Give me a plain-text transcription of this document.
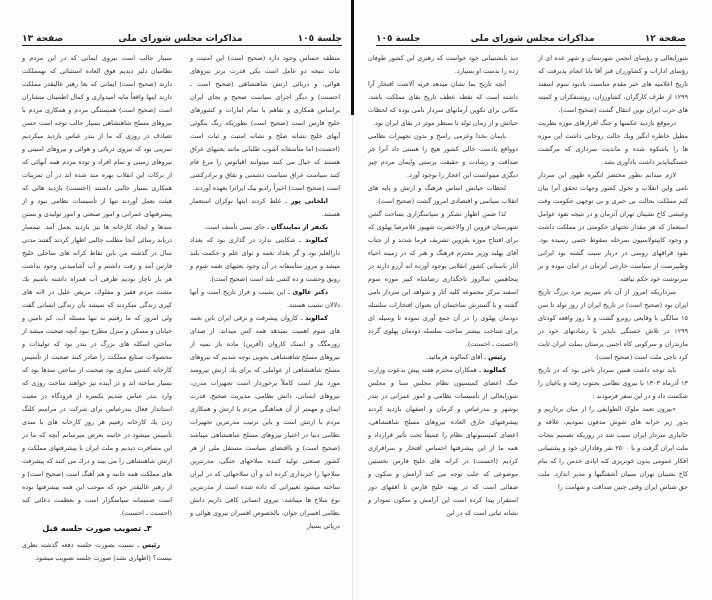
جلسة ١٠٥
مذاکرات مجلس شورای ملی
صفحة ١٣

منطقه حساس وجود دارد (صحیح است) این امنیت و ثبات نتیجه دو عامل است یکی قدرت برتر نیروهای هوائی، و دریائی ارتش شاهنشاهی (صحیح است ـ احسنت) و دیگر اجرای سیاست صحیح و بجای ایران براساس همکاری و تفاهم با تمام امارات و کشورهای خلیج فارس است (صحیح است) بطوریکه رنگ بنگوئی آبهای خلیج نشانه صلح و نشانه امنیت و ثبات است (احسنت) اما متأسفانه آشوب طلبانی مانند بعثیهای عراق هستند که خیال می کنند میتوانند اقیانوس را مرغ فام کنند سیاست عراق سیاست دشمنی و نفاق و برادرکشی است (صحیح است) اخیراً رادیو بیک ایرانرا بعهده آوردند.

ایلخانی پور ـ غلط کردند اینها نوکران استعمار هستند.

یکنفر از نمایندگان ـ جای بسی تأسف است.

کمالوند ـ شکایتی ندارد در گذاری بود که بغداد دارالعلم بود و گر بغداد نغمه و نوای علم و حکمت بلند میشد و مروز متأسفانه در آن وجود بعثیهای نغمه شوم و رونق وحشت و ده کشی بلند است (صحیح است).

دکتر عالوی ـ این نشیب و فراز تاریخ است و آنها دلالان نشیب هستند.

کمالوند ـ کاروان پیشرفت و ترقی ایران باین نغمه های شوم اهمیت نمیدهد همه کس میداند، از صدای زورمگگ و انمنک کاروان (آفرین) ماده باز نمیه از نیروهای مسلح شاهنشاهی بحوبی توجه شدیم که نیروهای مسلح شاهنشاهی از عواملی که برای یك ارتش نیرومند مورد نیاز است کاملاً برخوردار است تجهیزات مدرن، نیروهای انسانی، دانش نظامی، مدیریت صحیح، قدرت ایمان و مهمتر از آن هماهنگی مردم با ارتش و همکاری مردم با ارتش است و باین ترتیب مدرنترین تجهیزات نظامی دنیا در اختیار نیروهای مسلح شاهنشاهی میباشد (صحیح است) و بااقتضای سیاست مستقل ملی از هر کشور صنعتی تولید کننده سلاحهای جنگی، مدرنترین سلاحها را خریداری کرده اند و آن سلاحهائی که در ایران ساخته میشود تغییراتی که داده شده است از مدرنترین نوع سلاح ها میباشد، نیروی انسانی کافی داریم دانش نظامی افسران جوان، بالخصوص افسران نیروی هوائی و دریائی بسیار

سیبار جالب است نیروی ایمانی که در این مردم و نظامیان دلیر دیدیم فوق العاده استثنائی که بهمملکت دارند (صحیح است) ایمانی که بعا رهبر عالیقدر مملکت دارند اینها واقعاً مایه امیدواری و کمال اطمینان متشاران است (صحیح است) همبستگی مردم و همکاری مردم با نیروهای مسلح شاهنشاهی بسیار جالب توجه است حسن تصادف در روزی که ما از بندر عباس بازدید میکردیم تمرینی بود که نیروی دریائی و هوائی و نیروهای امنیتی و نیروهای زمینی و تمام افراد و توده مردم همه آنهائی که از برکات این انقلاب بهره مند شده اند در آن تمرینات همکاری بسیار جالبی داشتند (احسنت) بازدید هائی که هیئت بعمل آوردند تنها از تأسیسات نظامی نبود و از پیشرفتهای عمرانی و امور صنعتی و امور تولیدی و بستن سدها و ایجاد کارخانه ها نیز بازدید بعمل آمد. تیمسار دریابد رسائی آنجا مطلب جالبی اظهار کردند گفتند مدتی سال در گذشته من باین نقاط کرانه های ساحلی خلیج فارس آمد و رفت داشتم و آب آشامیدنی وجود نداشت هر بار ناچار بودیم ظرفی آب همراه داشته باشیم یك مشت مردم فقیر و مفلوك، مریض علیل در لانه های کپری زندگی میکردند که نمیشد بآن زندگی انسانی گفت ولی امروز که ما رفتیم نه تنها مسئله آب، کم تامین و خیابان و مسکن و منزل مطرح نبود آنچه صحبت میشد از ساختن اسکله های بزرگ در بندر بود که تولیدات و محصولات صنایع مملکت را صادر کنند صحبت از تأسیس کارخانه کشتی سازی بود صحبت از ساختن سدها بود که بسیار ساخته اند و در آینده نیز خواهند ساخت روزی که وارد بندر عباس شدیم یکسره از فرودگاه در معیت استاندار فعال بندرعباس برای شرکت در مراسم کلنگ زدن یك کارخانه رفتیم هر روز کارخانه های با سدی تأسیس میشود در خاتمه بعرض میرسانم آنچه که ما در این مسافرت دیدیم و ملت ایران با پیشرفتهای مملکت و ارتش شاهنشاهی را می بیند و درك می کنند که پیشرفت های مملکت همه جانبه و هم آهنگ است (صحیح است) و از رهبر عالیقدر خود که موجب این همه پیشرفتها بوده است صمیمانه سپاسگزار است و بعظمت دعائی کند (احسنت ـ احسنت).

٣ـ تصویب صورت جلسه قبل

رئیس ـ نسبت بصورت جلسه دفعه گذشته نظری نیست؟ (اظهاری نشد) صورت جلسه تصویب میشود.

صفحة ١٢
مذاکرات مجلس شورای ملی
جلسة ١٠٥

شورایعالی و رؤسای انجمن شهرستان و شهر عده ای از رؤسای ادارات و کشاورزان قبر آقا بابا انجام پذیرفت که تاریخ اعلامیه های خبر مقدم مناسبت یادبود سوم اسفند ١٢٩٩ از طرف کارگران، کشاورزان، روشنفکران و کمیته های حزب ایران نوین انتقال گشت (صحیح است).

درموقع بازدید عکسها و جنگ افزارهای موزه بطریت مطیل خاطره انگیز ویك حالت روحانی داشت این موزه ها را باشکوه شده و ماندیت سرداری که مرگشت خستگیناپذیر داشت یادآوری بشد.

لازم میدانم بطور مختصر انگیزه ظهور این سردار نامی واین انقلاب و تحول کشور وجهات تحقق آنرا بیان کنم مملکت بحالت بی خبری و بی توجهی حکومت وقت وعیشی کاخ نشینان تهران آنزمان و در نتیجه نفوذ عوامل استعمار که هر مقدار تختهای حکومتی در مملکت داشت و وجود کاپیتولاسیون بمرحله سقوط حتمی رسیده بود. نفوذ قراقهای روسی در دربار سبب گشته بود ایرانی وطنپرست از سیاست خارجی آنزمان در امان نبوده و بر سرنوشت خود حکم نیافته.

سرداریکه امروز از آن نام میبریم مرد بزرگ تاریخ ایران بود (صحیح است) در تاریخ ایران از روز تولد تا سن ١٥ سالگی با وقایعی روبرو گشت و تا روز واقعه کودتای ١٢٩٩ در تلاش خستگی ناپذیر با رشادتهای خود در مازندران و سرکوبی کاه اجنبی پرستان بملت ایران ثابت کرد ناجی ملت است (صحیح است).

باید توجه داشت همین سردار ناجی بود که در تاریخ ١٣ آذرماه ١٣٠٣ با نیروی نظامی بجنوب رفته و یاغیان را شکست داد و در این سفر فرمودند :

«بیرون تعمد ملوک الطوایفی را از میان برداریم و بدور زیر خرابه های شوش مدفون نمودیم، علاقه و جانبازی سردار ایران سبب شد در روزیکه تصمیم بنجات ملت ایران گرفت و با ٢٥٠٠ نفر وفاداران خود و پشتیبانی افکار عمومی بدون خونریزی کنه ایادی خدمن را که بنام کاخ نشینان تهران سببان آشفتگیها و مدبر اندازد. ملت حق شناس ایران وقتی چنین صداقت و شهامت را

دید بایشتیبانی خود خواست که رهبری این کشور طوفان زده را بدست او بسپارد.

آنچه تاریخ بما نشان میدهد قریه آلاشت افتخار آرا داشته است که نقطه عطف تاریخ بقای مملکت باشد، مکانی برای تکوین آرمانهای سردار نامی بوده که لحظات حیاتش و از زمان تولد تا بمنظر موثر در بقای ایران بود.

بایمان بخدا وعزمی راسخ و بدون تجهیزات نظامی دوواقع بادست خالی کشور هیچ را هستی داد آنرا جز صداقت و رشادت و حقیقت پرستی وایمان مردم چیز دیگری میتوانست این اعجاز را بوجود آورد.

لحظات حیاتش اساس فرهنگ و ارتش و پایه های انقلاب سیاسی و اقتصادی امروز گشت (صحیح است).

لذا ضمن اظهار تشکر و سپاسگزاری بساحت گشن شهرستان قزوین از والاحضرت شهپور غلامرضا پهلوی که برای افتتاح موزه بقزوین تشریف فرما شدند و از جناب آقای پهلبد وزیر محترم فرهنگ و هنر که در زمینه احیاء آثار باستانی کشور انقلابی بوجود آورده اند آرزو دارند در پنجاهمین سالروز تاجگذاری رضاشاه کبیر موزه سوم اسفند مرکز مجموعه کلیه آثار و شواهد این سردار نامی گشته و با گسترش ساختمان آن بعنوان افتخارات سلسله دودمان پهلوی را در آن جمع آوری نموده تا وسیله ای برای شناخت بیشتر ساخت سلسله دودمان پهلوی گردد (احسنت ـ احسنت).

رئیس ـ آقای کمالوند فرمائید.

کمالوند ـ همکاران محترم هفته پیش بدعوت وزارت جنگ اعضای کمیسیون نظام مجلس سنا و مجلس شورایعالی از تأسیسات نظامی و امور عمرانی در بندر بوشهر و بندرعباس و کرمان و اصفهان بازدید کردند پیشرفتهای خارق العاده نیروهای مسلح شاهنشاهی، اعضای کمیسیونهای نظام را عمیقاً تحت تأثیر قرارداد و همه ما از این پیشرفتها احساس افتخار و سرافرازی کردیم (احسنت) در کرانه های خلیج فارس نخستین موضوعی که جلب توجه می کند آرامش و سکون و صفائی است که در پهنه خلیج فارس تا افقهای دور استقرار پیدا کرده است این آرامش و سکون نمودار و نشانه ثباتی است که در این
